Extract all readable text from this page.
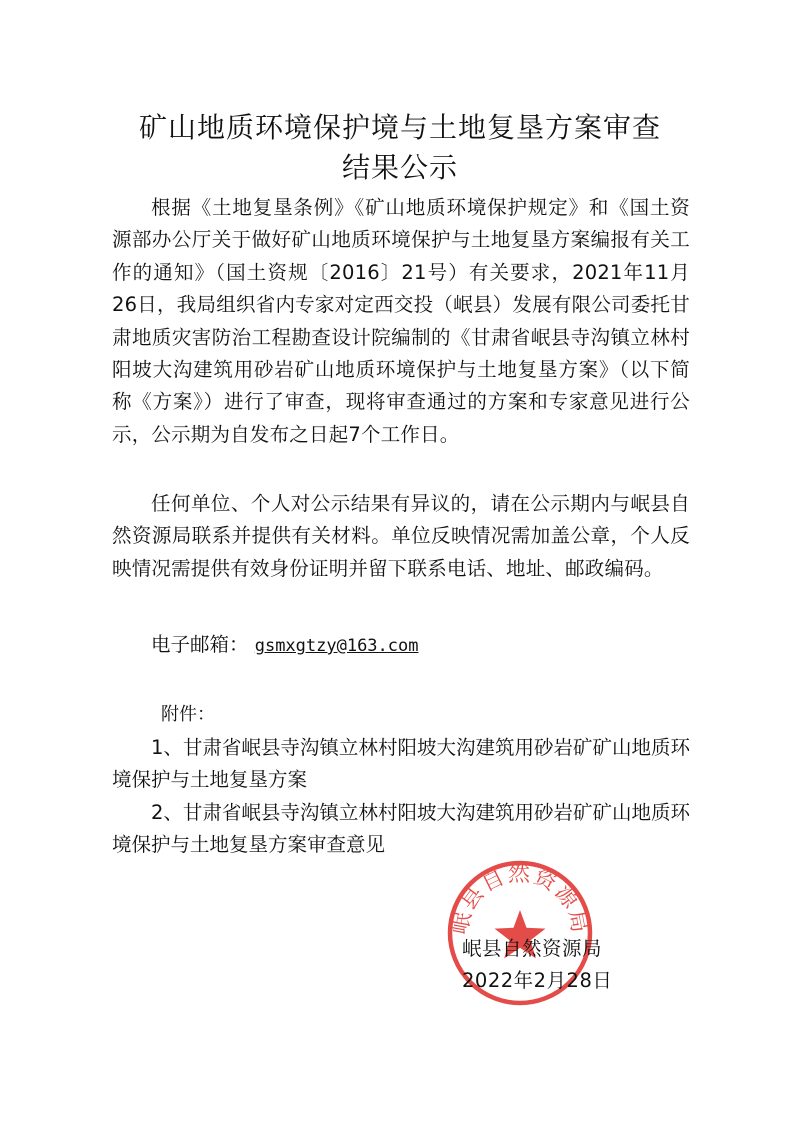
矿山地质环境保护境与土地复垦方案审查
结果公示
根据《土地复垦条例》《矿山地质环境保护规定》和《国土资源部办公厅关于做好矿山地质环境保护与土地复垦方案编报有关工作的通知》（国土资规〔2016〕21号）有关要求，2021年11月26日，我局组织省内专家对定西交投（岷县）发展有限公司委托甘肃地质灾害防治工程勘查设计院编制的《甘肃省岷县寺沟镇立林村阳坡大沟建筑用砂岩矿山地质环境保护与土地复垦方案》（以下简称《方案》）进行了审查，现将审查通过的方案和专家意见进行公示，公示期为自发布之日起7个工作日。
任何单位、个人对公示结果有异议的，请在公示期内与岷县自然资源局联系并提供有关材料。单位反映情况需加盖公章，个人反映情况需提供有效身份证明并留下联系电话、地址、邮政编码。
电子邮箱： gsmxgtzy@163.com
附件：
1、甘肃省岷县寺沟镇立林村阳坡大沟建筑用砂岩矿矿山地质环境保护与土地复垦方案
2、甘肃省岷县寺沟镇立林村阳坡大沟建筑用砂岩矿矿山地质环境保护与土地复垦方案审查意见
岷县自然资源局
岷县自然资源局
2022年2月28日
